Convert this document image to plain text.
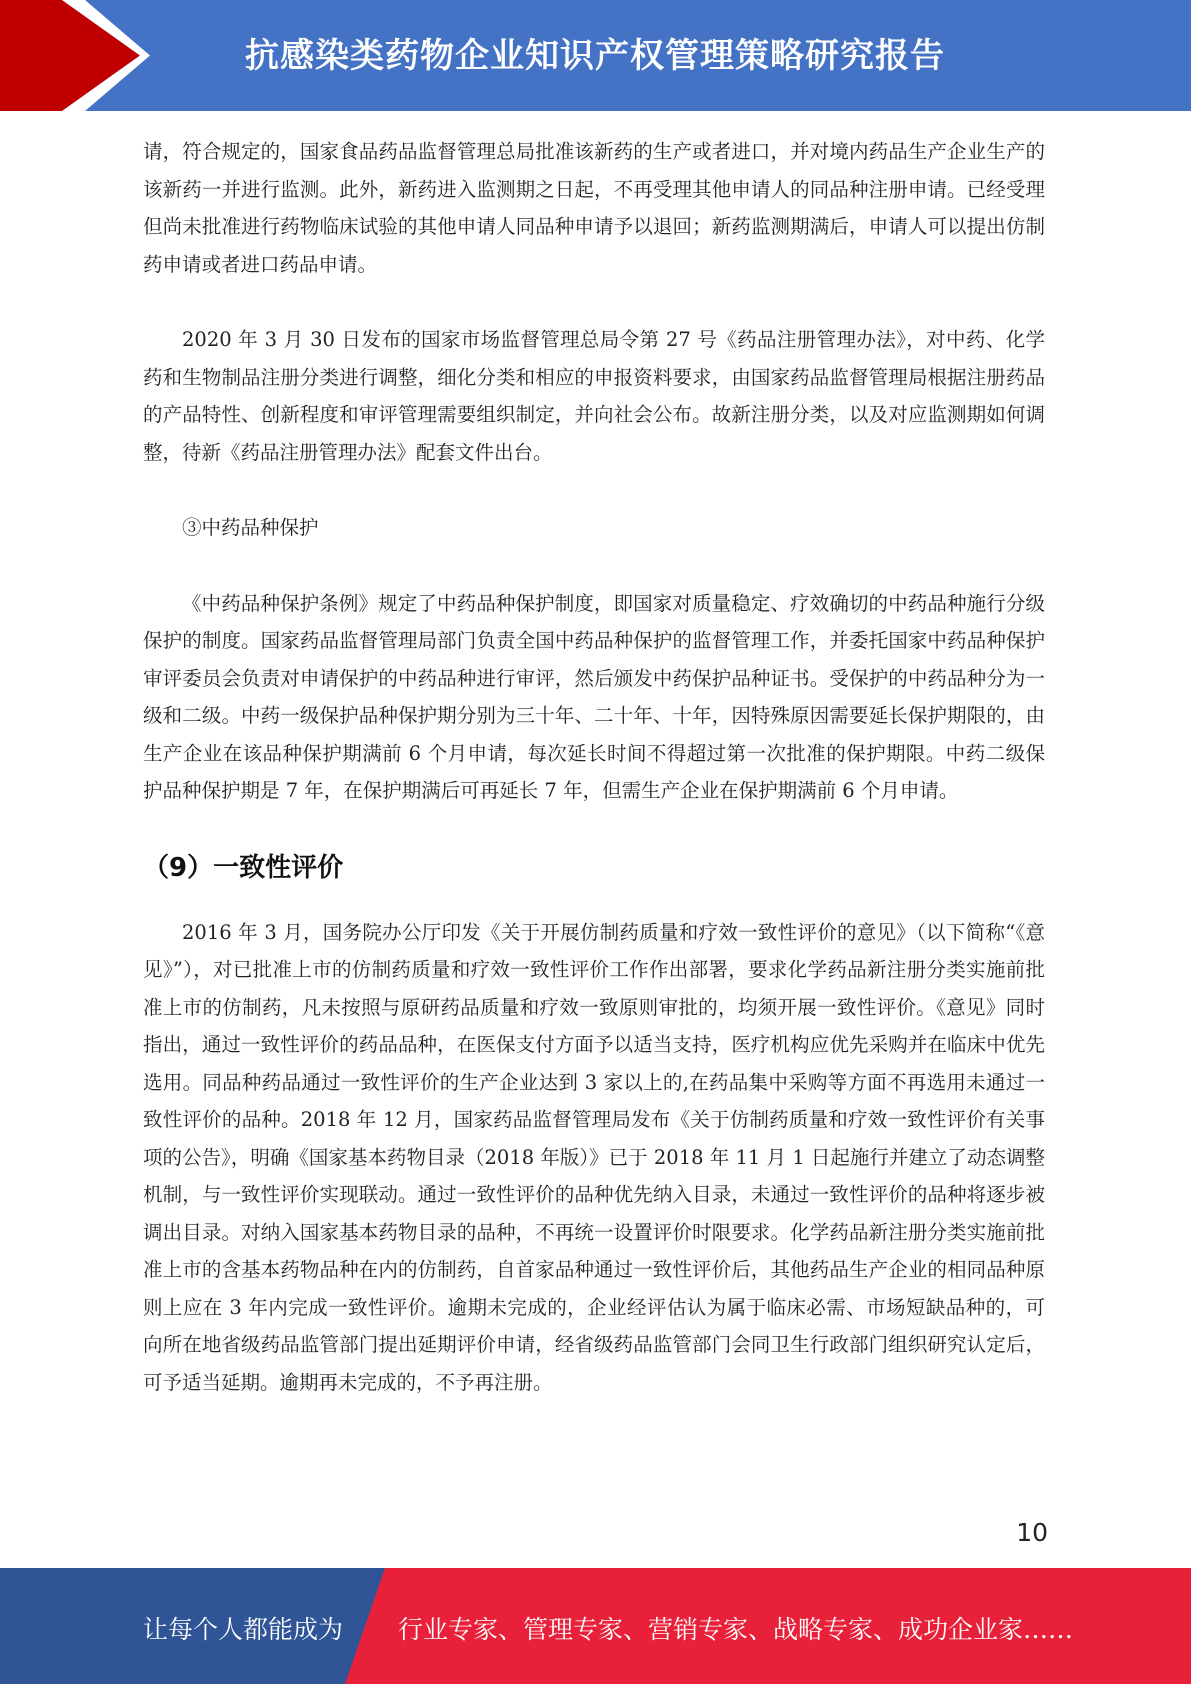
抗感染类药物企业知识产权管理策略研究报告

请，符合规定的，国家食品药品监督管理总局批准该新药的生产或者进口，并对境内药品生产企业生产的该新药一并进行监测。此外，新药进入监测期之日起，不再受理其他申请人的同品种注册申请。已经受理但尚未批准进行药物临床试验的其他申请人同品种申请予以退回；新药监测期满后，申请人可以提出仿制药申请或者进口药品申请。

2020 年 3 月 30 日发布的国家市场监督管理总局令第 27 号《药品注册管理办法》，对中药、化学药和生物制品注册分类进行调整，细化分类和相应的申报资料要求，由国家药品监督管理局根据注册药品的产品特性、创新程度和审评管理需要组织制定，并向社会公布。故新注册分类，以及对应监测期如何调整，待新《药品注册管理办法》配套文件出台。

③中药品种保护

《中药品种保护条例》规定了中药品种保护制度，即国家对质量稳定、疗效确切的中药品种施行分级保护的制度。国家药品监督管理局部门负责全国中药品种保护的监督管理工作，并委托国家中药品种保护审评委员会负责对申请保护的中药品种进行审评，然后颁发中药保护品种证书。受保护的中药品种分为一级和二级。中药一级保护品种保护期分别为三十年、二十年、十年，因特殊原因需要延长保护期限的，由生产企业在该品种保护期满前 6 个月申请，每次延长时间不得超过第一次批准的保护期限。中药二级保护品种保护期是 7 年，在保护期满后可再延长 7 年，但需生产企业在保护期满前 6 个月申请。

（9）一致性评价

2016 年 3 月，国务院办公厅印发《关于开展仿制药质量和疗效一致性评价的意见》（以下简称“《意见》”），对已批准上市的仿制药质量和疗效一致性评价工作作出部署，要求化学药品新注册分类实施前批准上市的仿制药，凡未按照与原研药品质量和疗效一致原则审批的，均须开展一致性评价。《意见》同时指出，通过一致性评价的药品品种，在医保支付方面予以适当支持，医疗机构应优先采购并在临床中优先选用。同品种药品通过一致性评价的生产企业达到 3 家以上的,在药品集中采购等方面不再选用未通过一致性评价的品种。2018 年 12 月，国家药品监督管理局发布《关于仿制药质量和疗效一致性评价有关事项的公告》，明确《国家基本药物目录（2018 年版）》已于 2018 年 11 月 1 日起施行并建立了动态调整机制，与一致性评价实现联动。通过一致性评价的品种优先纳入目录，未通过一致性评价的品种将逐步被调出目录。对纳入国家基本药物目录的品种，不再统一设置评价时限要求。化学药品新注册分类实施前批准上市的含基本药物品种在内的仿制药，自首家品种通过一致性评价后，其他药品生产企业的相同品种原则上应在 3 年内完成一致性评价。逾期未完成的，企业经评估认为属于临床必需、市场短缺品种的，可向所在地省级药品监管部门提出延期评价申请，经省级药品监管部门会同卫生行政部门组织研究认定后，可予适当延期。逾期再未完成的，不予再注册。

10
让每个人都能成为 行业专家、管理专家、营销专家、战略专家、成功企业家……
